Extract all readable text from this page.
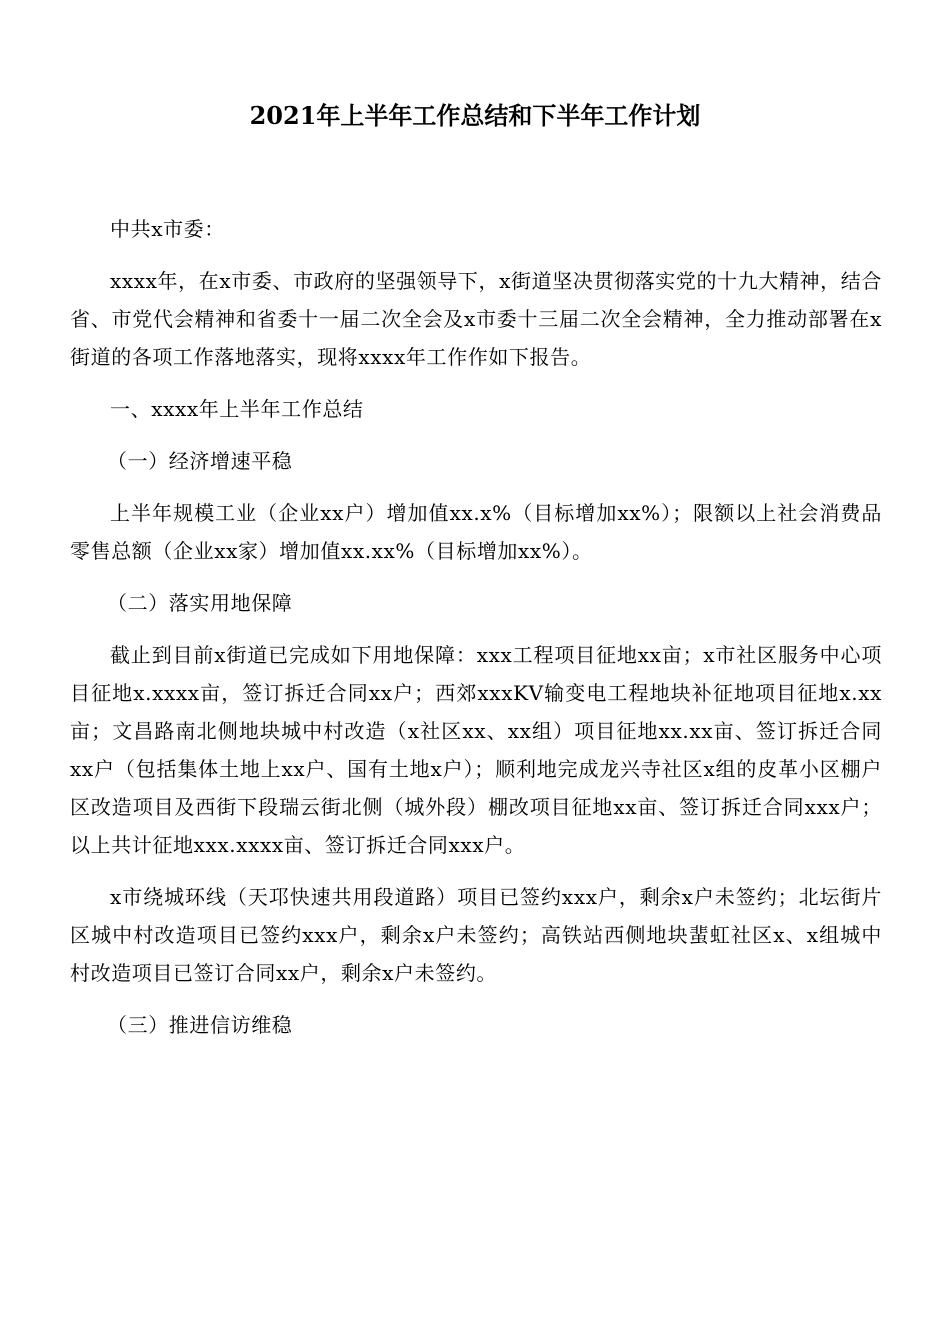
2021年上半年工作总结和下半年工作计划

中共x市委：

xxxx年，在x市委、市政府的坚强领导下，x街道坚决贯彻落实党的十九大精神，结合省、市党代会精神和省委十一届二次全会及x市委十三届二次全会精神，全力推动部署在x街道的各项工作落地落实，现将xxxx年工作作如下报告。

一、xxxx年上半年工作总结

（一）经济增速平稳

上半年规模工业（企业xx户）增加值xx.x%（目标增加xx%）；限额以上社会消费品零售总额（企业xx家）增加值xx.xx%（目标增加xx%）。

（二）落实用地保障

截止到目前x街道已完成如下用地保障：xxx工程项目征地xx亩；x市社区服务中心项目征地x.xxxx亩，签订拆迁合同xx户；西郊xxxKV输变电工程地块补征地项目征地x.xx亩；文昌路南北侧地块城中村改造（x社区xx、xx组）项目征地xx.xx亩、签订拆迁合同xx户（包括集体土地上xx户、国有土地x户）；顺利地完成龙兴寺社区x组的皮革小区棚户区改造项目及西街下段瑞云街北侧（城外段）棚改项目征地xx亩、签订拆迁合同xxx户；以上共计征地xxx.xxxx亩、签订拆迁合同xxx户。

x市绕城环线（天邛快速共用段道路）项目已签约xxx户，剩余x户未签约；北坛街片区城中村改造项目已签约xxx户，剩余x户未签约；高铁站西侧地块蜚虹社区x、x组城中村改造项目已签订合同xx户，剩余x户未签约。

（三）推进信访维稳
